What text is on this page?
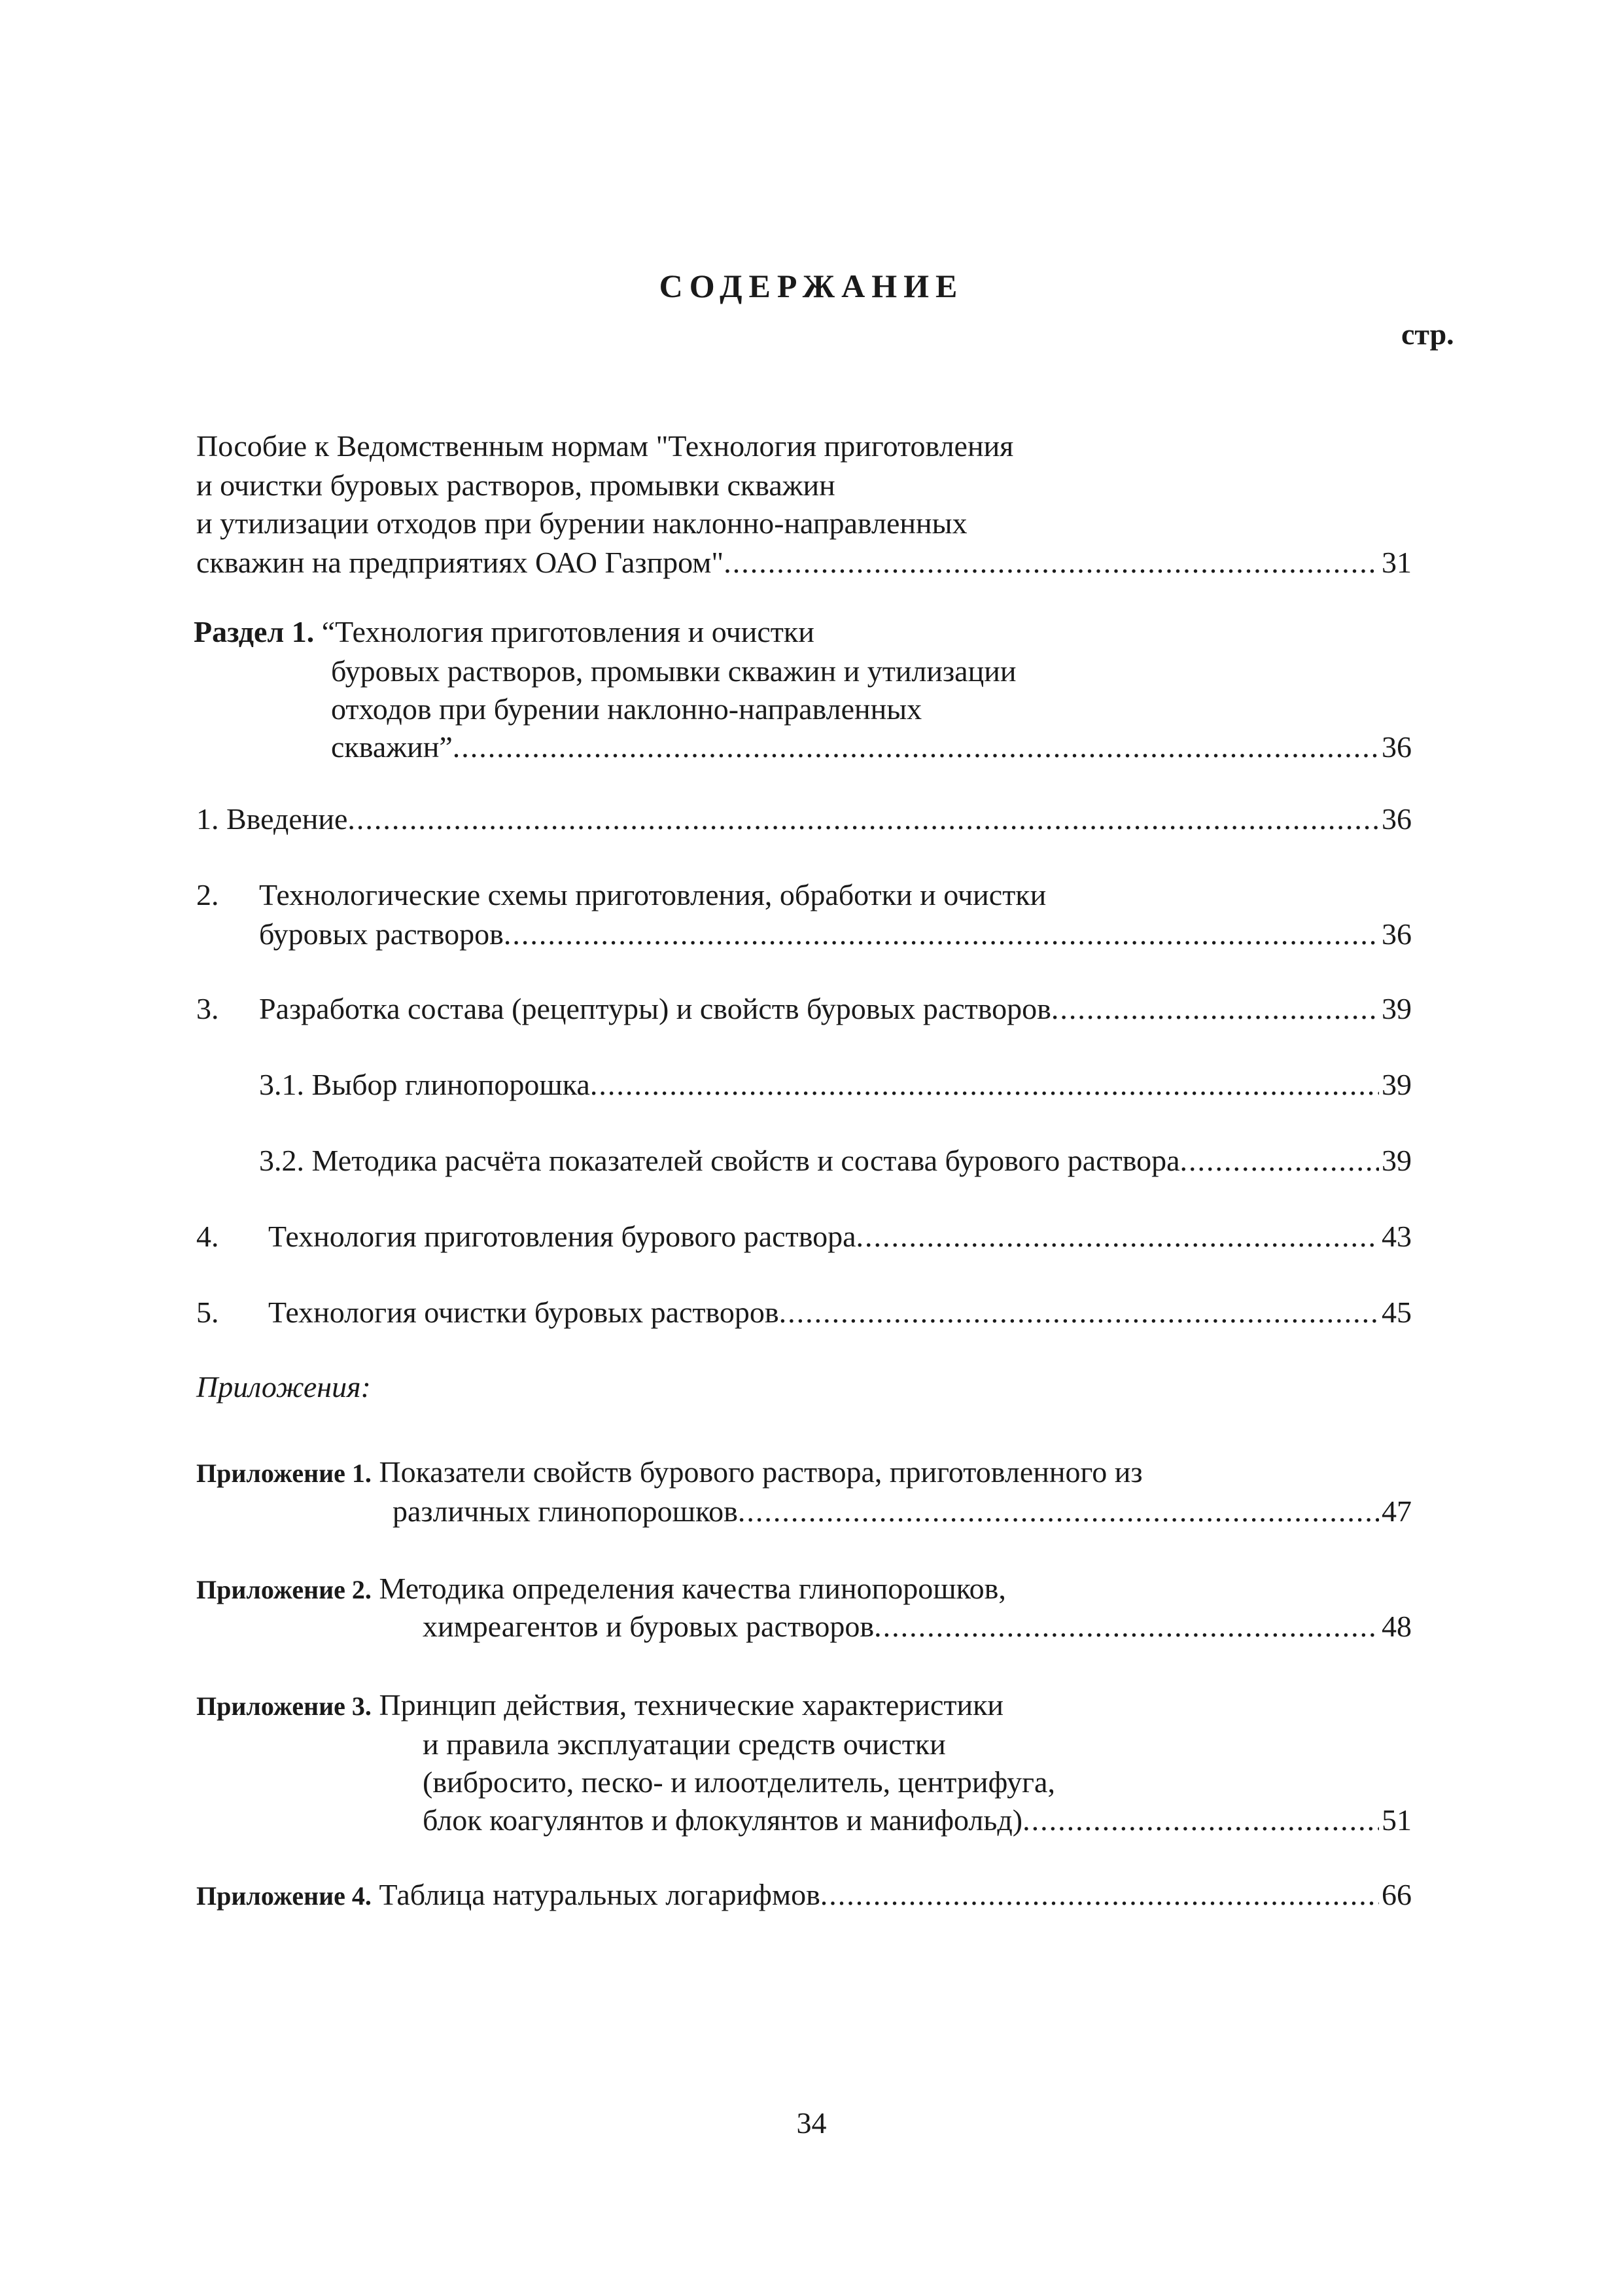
СОДЕРЖАНИЕ
стр.
Пособие к Ведомственным нормам "Технология приготовления
и очистки буровых растворов, промывки скважин
и утилизации отходов при бурении наклонно-направленных
скважин на предприятиях ОАО Газпром" .....	31
Раздел 1. “Технология приготовления и очистки
буровых растворов, промывки скважин и утилизации
отходов при бурении наклонно-направленных
скважин” .....	36
1. Введение .....	36
2. Технологические схемы приготовления, обработки и очистки
буровых растворов .....	36
3. Разработка состава (рецептуры) и свойств буровых растворов .....	39
3.1. Выбор глинопорошка .....	39
3.2. Методика расчёта показателей свойств и состава бурового раствора .....	39
4. Технология приготовления бурового раствора .....	43
5. Технология очистки буровых растворов .....	45
Приложения:
Приложение 1. Показатели свойств бурового раствора, приготовленного из
различных глинопорошков .....	47
Приложение 2. Методика определения качества глинопорошков,
химреагентов и буровых растворов .....	48
Приложение 3. Принцип действия, технические характеристики
и правила эксплуатации средств очистки
(вибросито, песко- и илоотделитель, центрифуга,
блок коагулянтов и флокулянтов и манифольд) .....	51
Приложение 4. Таблица натуральных логарифмов .....	66
34
